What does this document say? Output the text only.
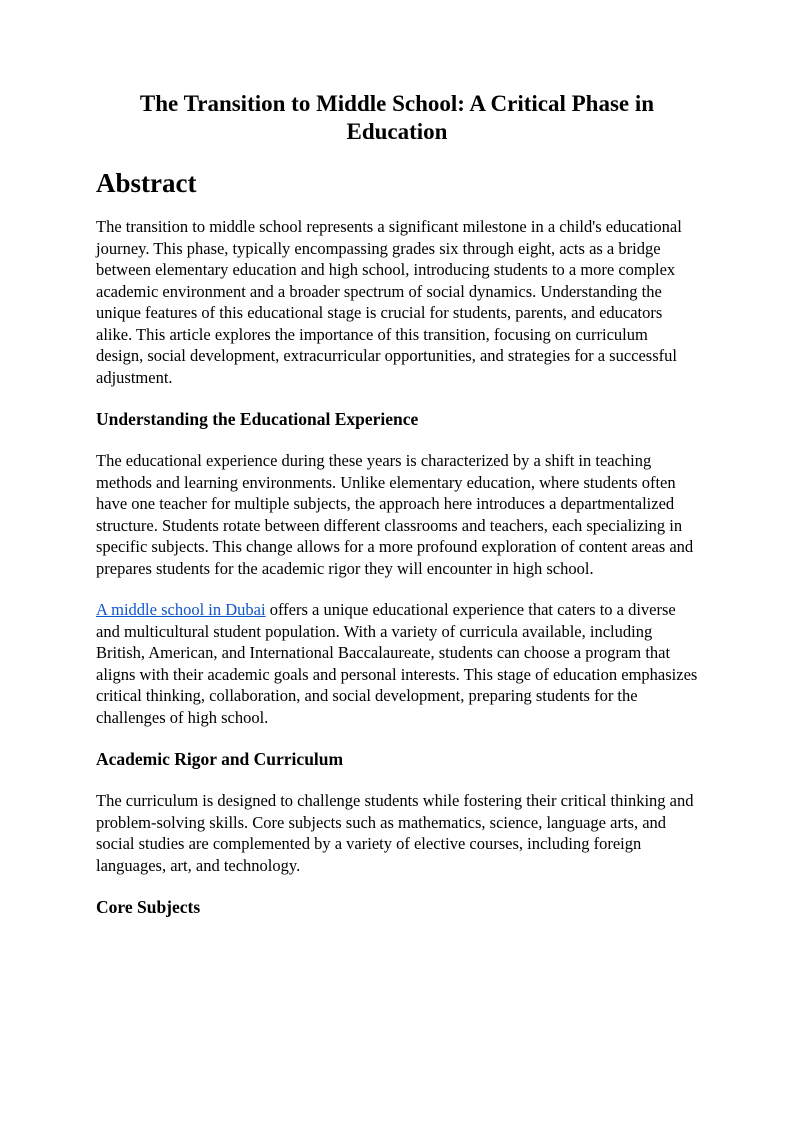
The Transition to Middle School: A Critical Phase in Education
Abstract

The transition to middle school represents a significant milestone in a child's educational journey. This phase, typically encompassing grades six through eight, acts as a bridge between elementary education and high school, introducing students to a more complex academic environment and a broader spectrum of social dynamics. Understanding the unique features of this educational stage is crucial for students, parents, and educators alike. This article explores the importance of this transition, focusing on curriculum design, social development, extracurricular opportunities, and strategies for a successful adjustment.

Understanding the Educational Experience

The educational experience during these years is characterized by a shift in teaching methods and learning environments. Unlike elementary education, where students often have one teacher for multiple subjects, the approach here introduces a departmentalized structure. Students rotate between different classrooms and teachers, each specializing in specific subjects. This change allows for a more profound exploration of content areas and prepares students for the academic rigor they will encounter in high school.

A middle school in Dubai offers a unique educational experience that caters to a diverse and multicultural student population. With a variety of curricula available, including British, American, and International Baccalaureate, students can choose a program that aligns with their academic goals and personal interests. This stage of education emphasizes critical thinking, collaboration, and social development, preparing students for the challenges of high school.

Academic Rigor and Curriculum

The curriculum is designed to challenge students while fostering their critical thinking and problem-solving skills. Core subjects such as mathematics, science, language arts, and social studies are complemented by a variety of elective courses, including foreign languages, art, and technology.

Core Subjects
